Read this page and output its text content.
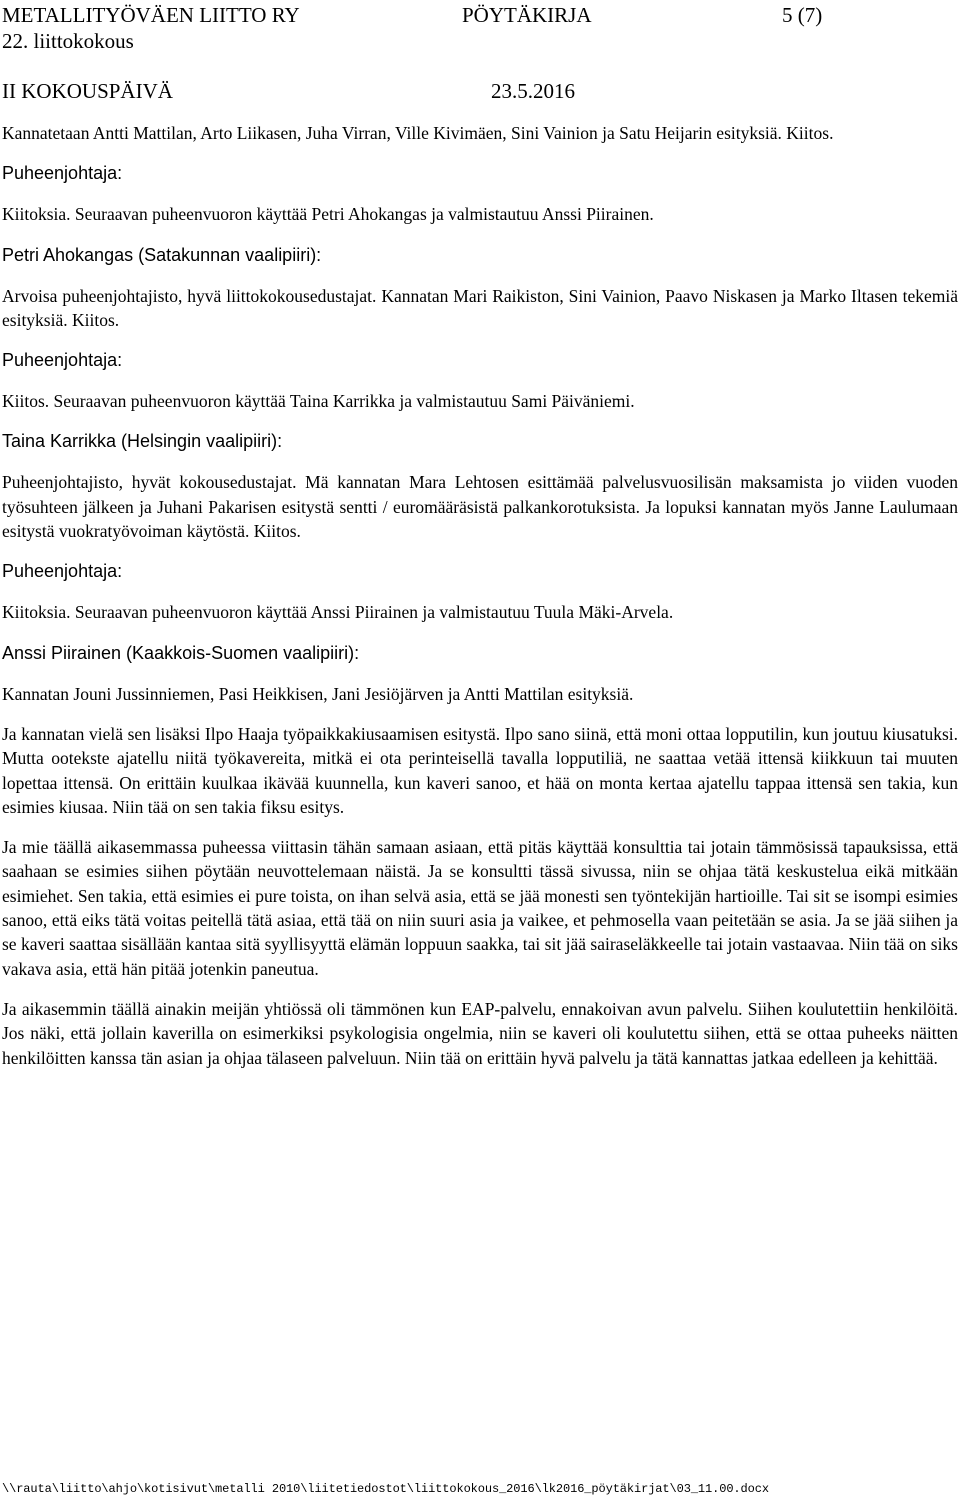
METALLITYÖVÄEN LIITTO RY	PÖYTÄKIRJA	5 (7)
22. liittokokous
II KOKOUSPÄIVÄ	23.5.2016

Kannatetaan Antti Mattilan, Arto Liikasen, Juha Virran, Ville Kivimäen, Sini Vainion ja Satu Heijarin esityksiä. Kiitos.

Puheenjohtaja:

Kiitoksia. Seuraavan puheenvuoron käyttää Petri Ahokangas ja valmistautuu Anssi Piirainen.

Petri Ahokangas (Satakunnan vaalipiiri):

Arvoisa puheenjohtajisto, hyvä liittokokousedustajat. Kannatan Mari Raikiston, Sini Vainion, Paavo Niskasen ja Marko Iltasen tekemiä esityksiä. Kiitos.

Puheenjohtaja:

Kiitos. Seuraavan puheenvuoron käyttää Taina Karrikka ja valmistautuu Sami Päiväniemi.

Taina Karrikka (Helsingin vaalipiiri):

Puheenjohtajisto, hyvät kokousedustajat. Mä kannatan Mara Lehtosen esittämää palvelusvuosilisän maksamista jo viiden vuoden työsuhteen jälkeen ja Juhani Pakarisen esitystä sentti / euromääräsistä palkankorotuksista. Ja lopuksi kannatan myös Janne Laulumaan esitystä vuokratyövoiman käytöstä. Kiitos.

Puheenjohtaja:

Kiitoksia. Seuraavan puheenvuoron käyttää Anssi Piirainen ja valmistautuu Tuula Mäki-Arvela.

Anssi Piirainen (Kaakkois-Suomen vaalipiiri):

Kannatan Jouni Jussinniemen, Pasi Heikkisen, Jani Jesiöjärven ja Antti Mattilan esityksiä.

Ja kannatan vielä sen lisäksi Ilpo Haaja työpaikkakiusaamisen esitystä. Ilpo sano siinä, että moni ottaa lopputilin, kun joutuu kiusatuksi. Mutta ootekste ajatellu niitä työkavereita, mitkä ei ota perinteisellä tavalla lopputiliä, ne saattaa vetää ittensä kiikkuun tai muuten lopettaa ittensä. On erittäin kuulkaa ikävää kuunnella, kun kaveri sanoo, et hää on monta kertaa ajatellu tappaa ittensä sen takia, kun esimies kiusaa. Niin tää on sen takia fiksu esitys.

Ja mie täällä aikasemmassa puheessa viittasin tähän samaan asiaan, että pitäs käyttää konsulttia tai jotain tämmösissä tapauksissa, että saahaan se esimies siihen pöytään neuvottelemaan näistä. Ja se konsultti tässä sivussa, niin se ohjaa tätä keskustelua eikä mitkään esimiehet. Sen takia, että esimies ei pure toista, on ihan selvä asia, että se jää monesti sen työntekijän hartioille. Tai sit se isompi esimies sanoo, että eiks tätä voitas peitellä tätä asiaa, että tää on niin suuri asia ja vaikee, et pehmosella vaan peitetään se asia. Ja se jää siihen ja se kaveri saattaa sisällään kantaa sitä syyllisyyttä elämän loppuun saakka, tai sit jää sairaseläkkeelle tai jotain vastaavaa. Niin tää on siks vakava asia, että hän pitää jotenkin paneutua.

Ja aikasemmin täällä ainakin meijän yhtiössä oli tämmönen kun EAP-palvelu, ennakoivan avun palvelu. Siihen koulutettiin henkilöitä. Jos näki, että jollain kaverilla on esimerkiksi psykologisia ongelmia, niin se kaveri oli koulutettu siihen, että se ottaa puheeks näitten henkilöitten kanssa tän asian ja ohjaa tälaseen palveluun. Niin tää on erittäin hyvä palvelu ja tätä kannattas jatkaa edelleen ja kehittää.

\\rauta\liitto\ahjo\kotisivut\metalli 2010\liitetiedostot\liittokokous_2016\lk2016_pöytäkirjat\03_11.00.docx
